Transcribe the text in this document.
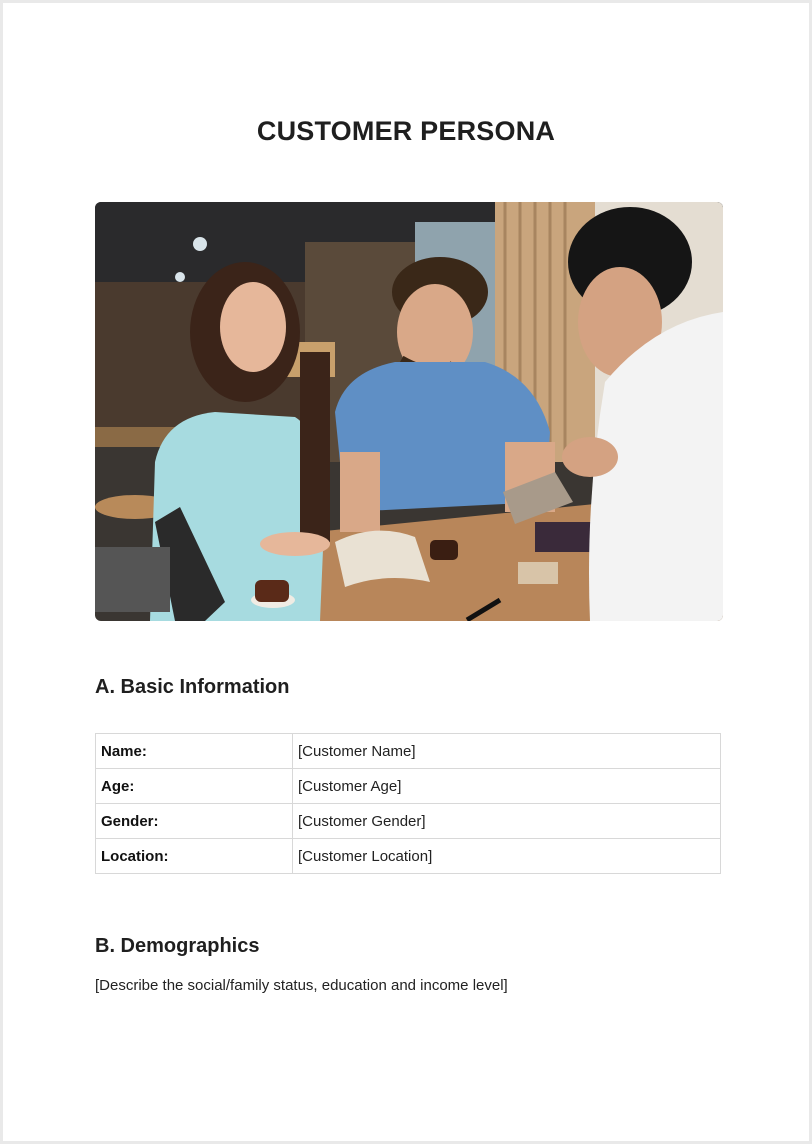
CUSTOMER PERSONA
A. Basic Information
Name:	[Customer Name]
Age:	[Customer Age]
Gender:	[Customer Gender]
Location:	[Customer Location]
B. Demographics
[Describe the social/family status, education and income level]
